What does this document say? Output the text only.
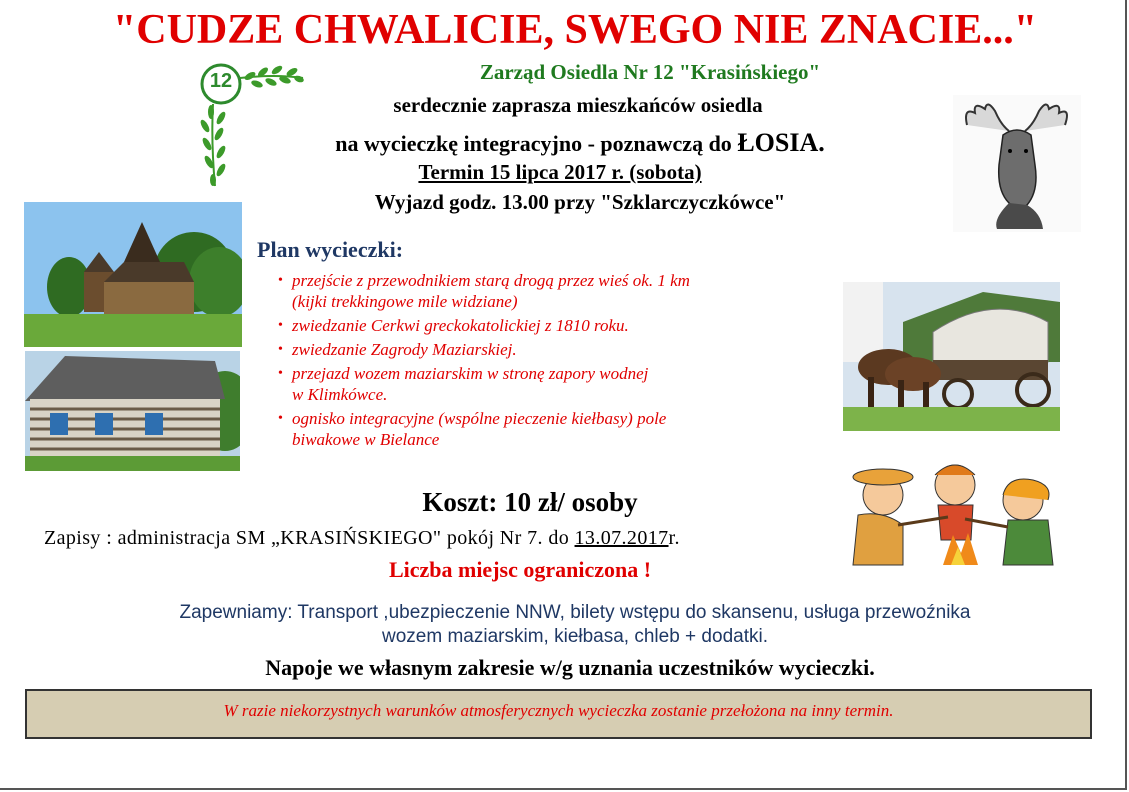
"CUDZE CHWALICIE, SWEGO NIE ZNACIE..."
12	Zarząd Osiedla Nr 12 "Krasińskiego"
serdecznie zaprasza mieszkańców osiedla
na wycieczkę integracyjno - poznawczą do ŁOSIA.
Termin 15 lipca 2017 r. (sobota)
Wyjazd godz. 13.00 przy "Szklarczyczkówce"
Plan wycieczki:
• przejście z przewodnikiem starą drogą przez wieś ok. 1 km
(kijki trekkingowe mile widziane)
• zwiedzanie Cerkwi greckokatolickiej z 1810 roku.
• zwiedzanie Zagrody Maziarskiej.
• przejazd wozem maziarskim w stronę zapory wodnej
w Klimkówce.
• ognisko integracyjne (wspólne pieczenie kiełbasy) pole
biwakowe w Bielance
Koszt: 10 zł/ osoby
Zapisy : administracja SM „KRASIŃSKIEGO" pokój Nr 7. do 13.07.2017r.
Liczba miejsc ograniczona !
Zapewniamy: Transport ,ubezpieczenie NNW, bilety wstępu do skansenu, usługa przewoźnika
wozem maziarskim, kiełbasa, chleb + dodatki.
Napoje we własnym zakresie w/g uznania uczestników wycieczki.
W razie niekorzystnych warunków atmosferycznych wycieczka zostanie przełożona na inny termin.
